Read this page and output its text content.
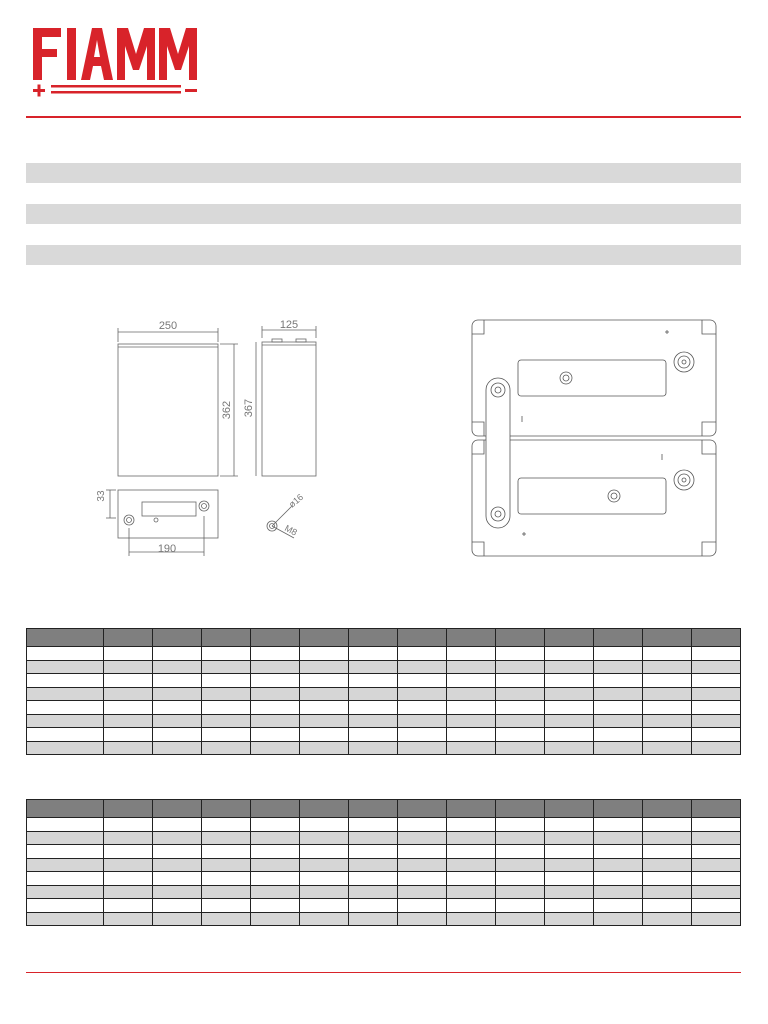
250	125
362 367
33
190
ø16
M8
